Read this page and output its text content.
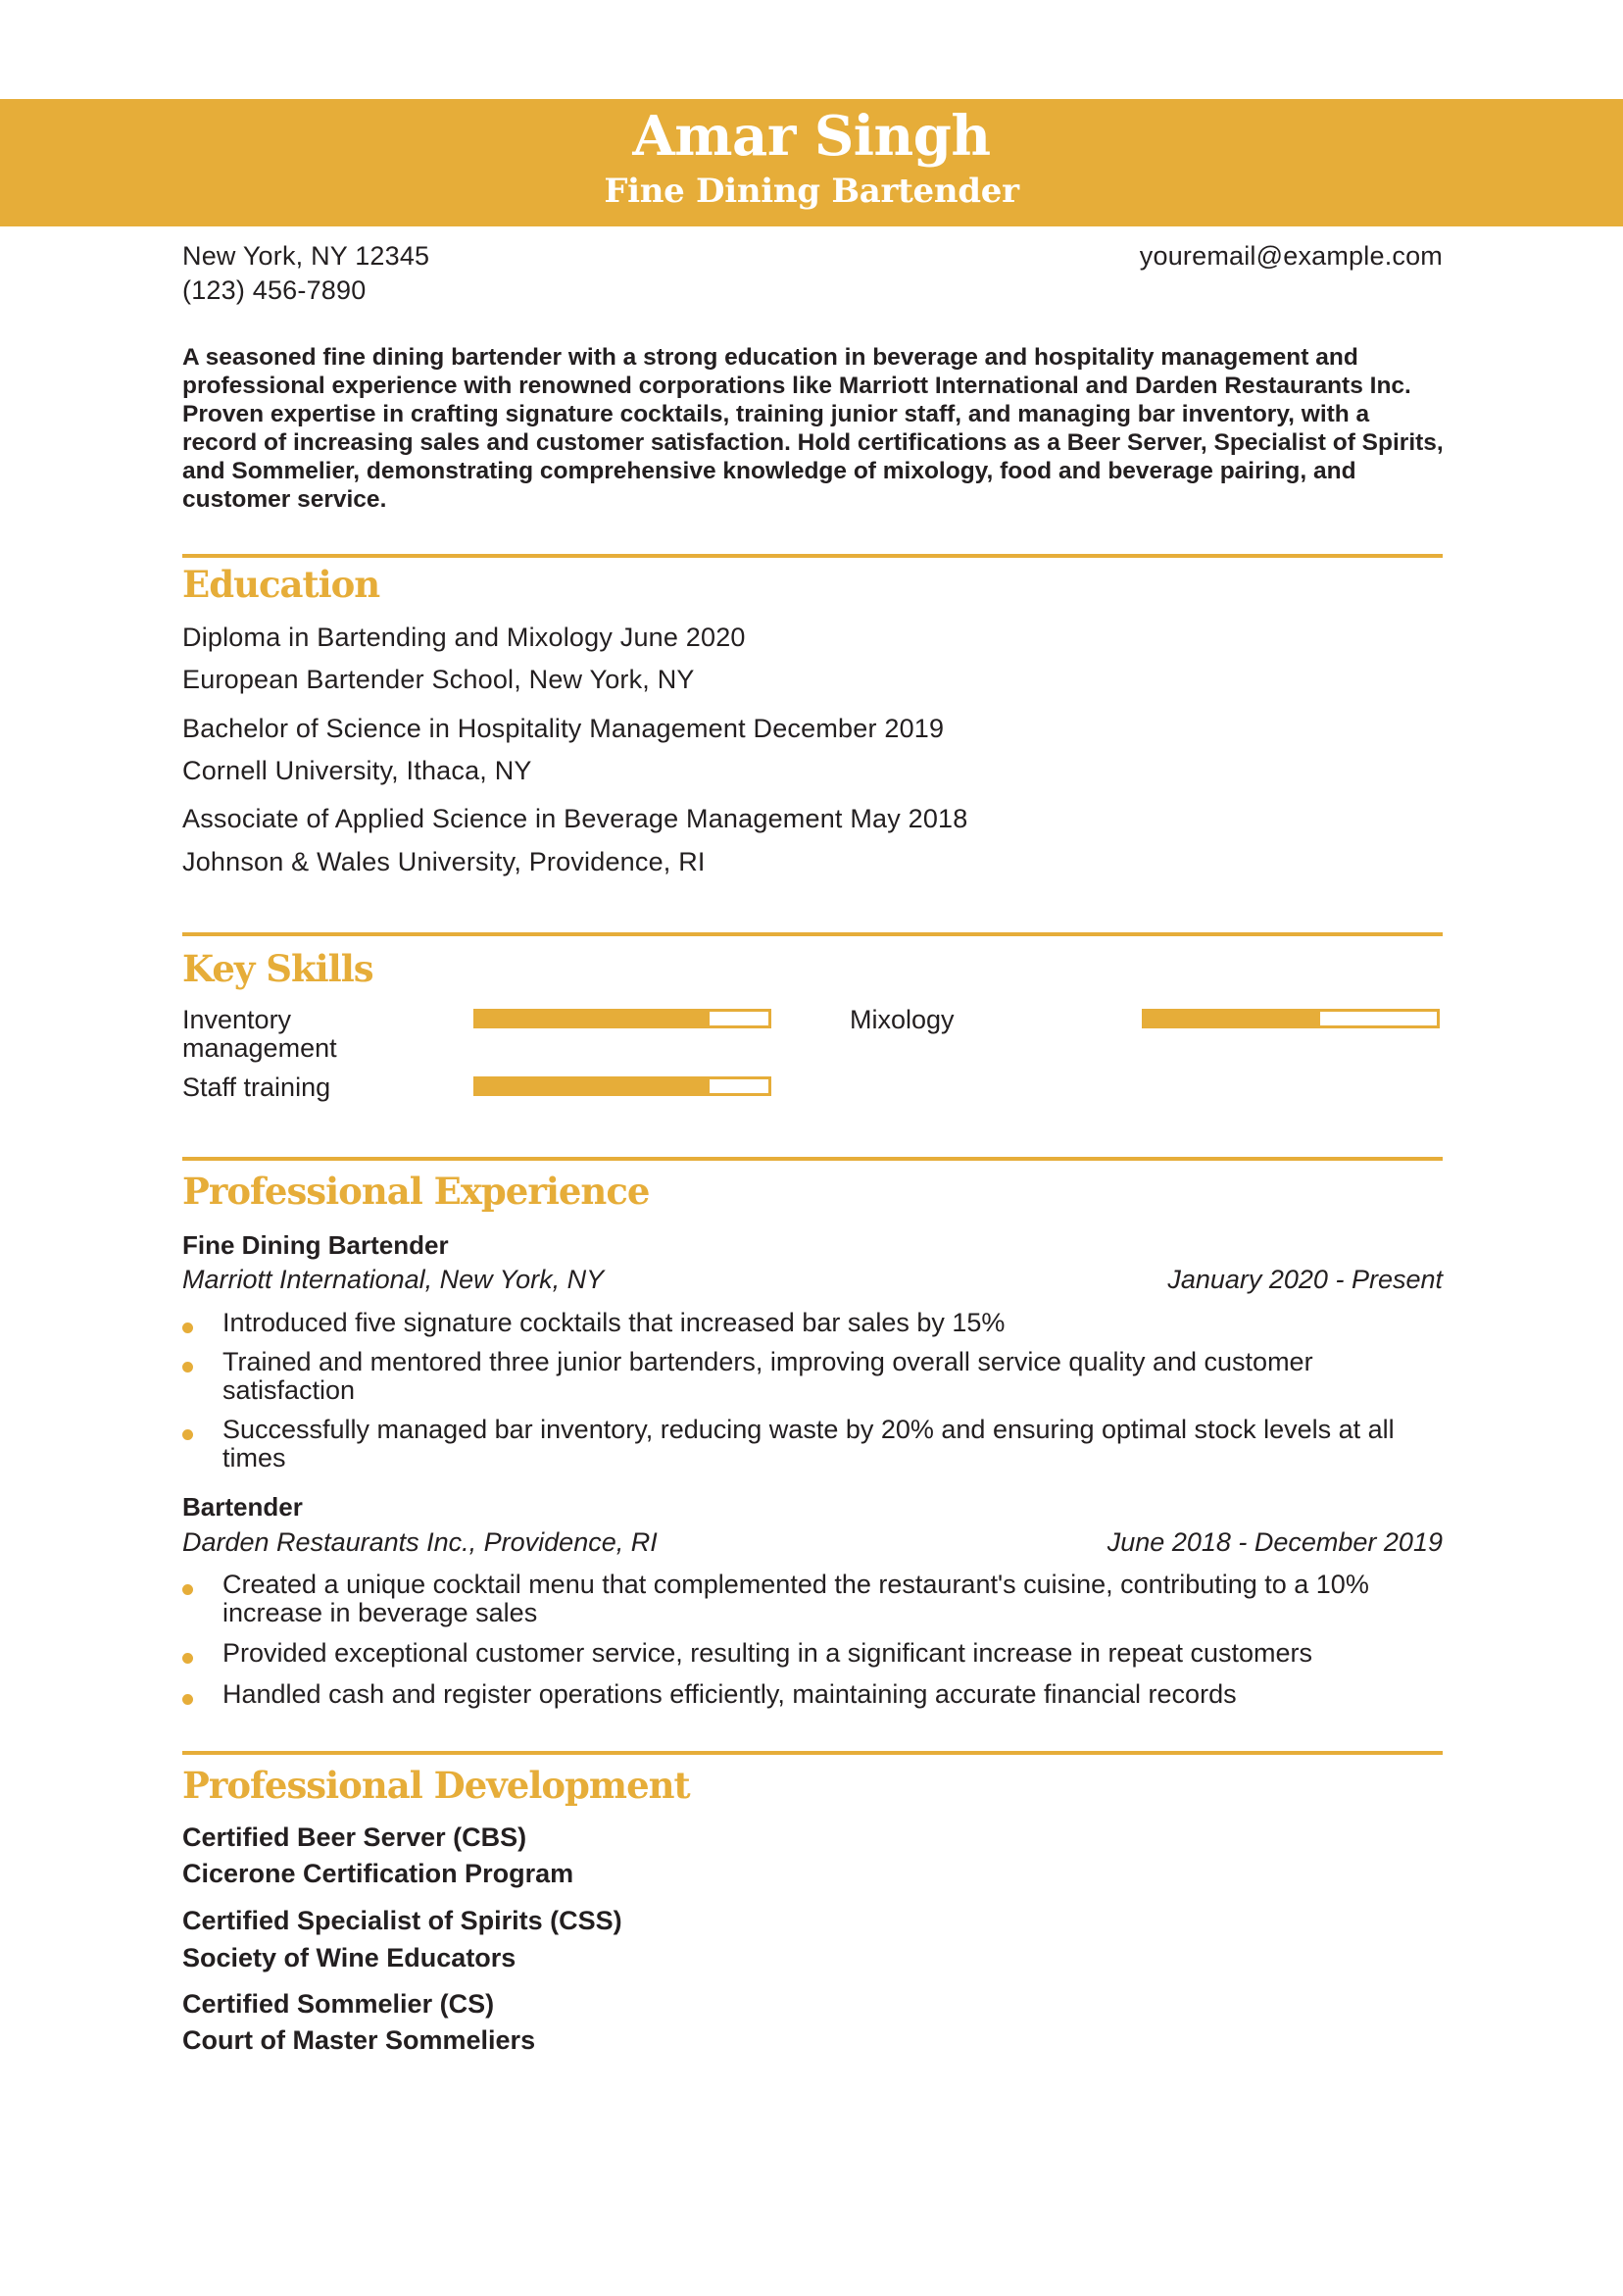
Amar Singh
Fine Dining Bartender
New York, NY 12345
(123) 456-7890
youremail@example.com
A seasoned fine dining bartender with a strong education in beverage and hospitality management and professional experience with renowned corporations like Marriott International and Darden Restaurants Inc. Proven expertise in crafting signature cocktails, training junior staff, and managing bar inventory, with a record of increasing sales and customer satisfaction. Hold certifications as a Beer Server, Specialist of Spirits, and Sommelier, demonstrating comprehensive knowledge of mixology, food and beverage pairing, and customer service.
Education
Diploma in Bartending and Mixology June 2020
European Bartender School, New York, NY
Bachelor of Science in Hospitality Management December 2019
Cornell University, Ithaca, NY
Associate of Applied Science in Beverage Management May 2018
Johnson & Wales University, Providence, RI
Key Skills
Inventory management
Mixology
Staff training
Professional Experience
Fine Dining Bartender
Marriott International, New York, NY	January 2020 - Present
Introduced five signature cocktails that increased bar sales by 15%
Trained and mentored three junior bartenders, improving overall service quality and customer satisfaction
Successfully managed bar inventory, reducing waste by 20% and ensuring optimal stock levels at all times
Bartender
Darden Restaurants Inc., Providence, RI	June 2018 - December 2019
Created a unique cocktail menu that complemented the restaurant's cuisine, contributing to a 10% increase in beverage sales
Provided exceptional customer service, resulting in a significant increase in repeat customers
Handled cash and register operations efficiently, maintaining accurate financial records
Professional Development
Certified Beer Server (CBS)
Cicerone Certification Program
Certified Specialist of Spirits (CSS)
Society of Wine Educators
Certified Sommelier (CS)
Court of Master Sommeliers
